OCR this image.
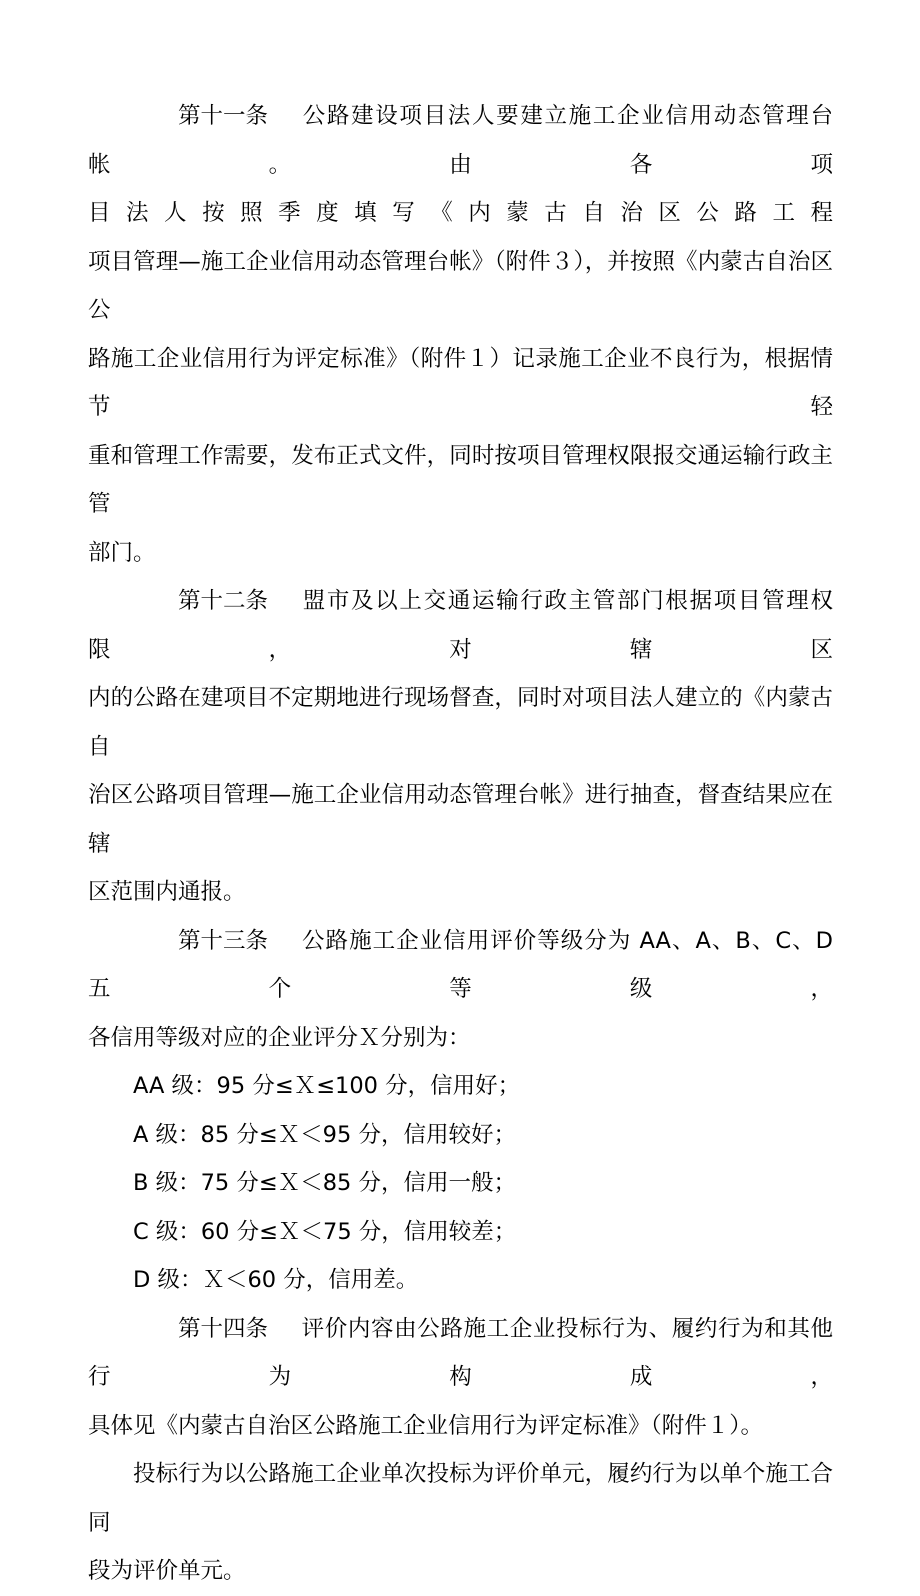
第十一条 公路建设项目法人要建立施工企业信用动态管理台帐。由各项
目法人按照季度填写《内蒙古自治区公路工程
项目管理—施工企业信用动态管理台帐》（附件３），并按照《内蒙古自治区公
路施工企业信用行为评定标准》（附件１）记录施工企业不良行为，根据情节轻
重和管理工作需要，发布正式文件，同时按项目管理权限报交通运输行政主管
部门。
第十二条 盟市及以上交通运输行政主管部门根据项目管理权限，对辖区
内的公路在建项目不定期地进行现场督查，同时对项目法人建立的《内蒙古自
治区公路项目管理—施工企业信用动态管理台帐》进行抽查，督查结果应在辖
区范围内通报。
第十三条 公路施工企业信用评价等级分为 AA、A、B、C、D 五个等级，
各信用等级对应的企业评分Ｘ分别为：
AA 级：95 分≤Ｘ≤100 分，信用好；
A 级：85 分≤Ｘ＜95 分，信用较好；
B 级：75 分≤Ｘ＜85 分，信用一般；
C 级：60 分≤Ｘ＜75 分，信用较差；
D 级：Ｘ＜60 分，信用差。
第十四条 评价内容由公路施工企业投标行为、履约行为和其他行为构成，
具体见《内蒙古自治区公路施工企业信用行为评定标准》（附件１）。
投标行为以公路施工企业单次投标为评价单元，履约行为以单个施工合同
段为评价单元。
